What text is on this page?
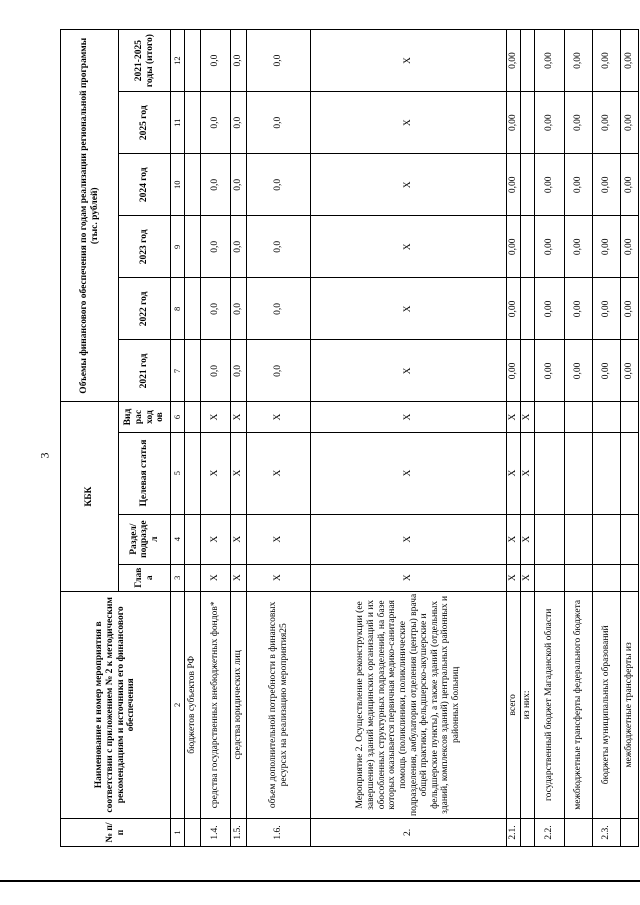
3
№ п/п	Наименование и номер мероприятия в соответствии с приложением № 2 к методическим рекомендациям и источники его финансового обеспечения	КБК				Объемы финансового обеспечения по годам реализации региональной программы (тыс. рублей)					
		Глав а	Раздел/ подразде л	Целевая статья	Вид рас ход ов	2021 год	2022 год	2023 год	2024 год	2025 год	2021-2025 годы (итого)
1	2	3	4	5	6	7	8	9	10	11	12
	бюджетов субъектов РФ										
1.4.	средства государственных внебюджетных фондов*	X	X	X	X	0,0	0,0	0,0	0,0	0,0	0,0
1.5.	средства юридических лиц	X	X	X	X	0,0	0,0	0,0	0,0	0,0	0,0
1.6.	объем дополнительной потребности в финансовых ресурсах на реализацию мероприятия25	X	X	X	X	0,0	0,0	0,0	0,0	0,0	0,0
2.	Мероприятие 2. Осуществление реконструкции (ее завершение) зданий медицинских организаций и их обособленных структурных подразделений, на базе которых оказывается первичная медико-санитарная помощь (поликлиники, поликлинические подразделения, амбулатории отделения (центры) врача общей практики, фельдшерско-акушерские и фельдшерские пункты), а также зданий (отдельных зданий, комплексов зданий) центральных районных и районных больниц	X	X	X	X	X	X	X	X	X	X
2.1.	всего	X	X	X	X	0,00	0,00	0,00	0,00	0,00	0,00
	из них:	X	X	X	X						
2.2.	государственный бюджет Магаданской области					0,00	0,00	0,00	0,00	0,00	0,00
	межбюджетные трансферты федерального бюджета					0,00	0,00	0,00	0,00	0,00	0,00
2.3.	бюджеты муниципальных образований					0,00	0,00	0,00	0,00	0,00	0,00
	межбюджетные трансферты из					0,00	0,00	0,00	0,00	0,00	0,00
